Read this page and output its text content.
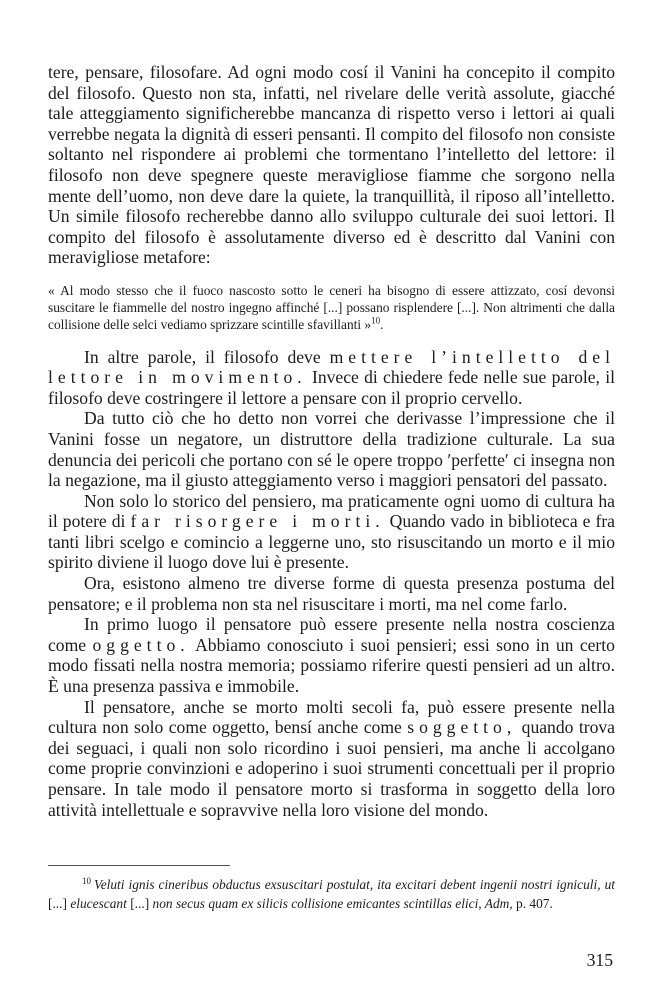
tere, pensare, filosofare. Ad ogni modo cosí il Vanini ha concepito il compito del filosofo. Questo non sta, infatti, nel rivelare delle verità assolute, giacché tale atteggiamento significherebbe mancanza di rispetto verso i lettori ai quali verrebbe negata la dignità di esseri pensanti. Il compito del filosofo non consiste soltanto nel rispondere ai problemi che tormentano l’intelletto del lettore: il filosofo non deve spegnere queste meravigliose fiamme che sorgono nella mente dell’uomo, non deve dare la quiete, la tranquillità, il riposo all’intelletto. Un simile filosofo recherebbe danno allo sviluppo culturale dei suoi lettori. Il compito del filosofo è assolutamente diverso ed è descritto dal Vanini con meravigliose metafore:

« Al modo stesso che il fuoco nascosto sotto le ceneri ha bisogno di essere attizzato, cosí devonsi suscitare le fiammelle del nostro ingegno affinché [...] possano risplendere [...]. Non altrimenti che dalla collisione delle selci vediamo sprizzare scintille sfavillanti »$^{10}$.

In altre parole, il filosofo deve mettere l’intelletto del lettore in movimento. Invece di chiedere fede nelle sue parole, il filosofo deve costringere il lettore a pensare con il proprio cervello.

Da tutto ciò che ho detto non vorrei che derivasse l’impressione che il Vanini fosse un negatore, un distruttore della tradizione culturale. La sua denuncia dei pericoli che portano con sé le opere troppo ʹperfetteʹ ci insegna non la negazione, ma il giusto atteggiamento verso i maggiori pensatori del passato.

Non solo lo storico del pensiero, ma praticamente ogni uomo di cultura ha il potere di far risorgere i morti. Quando vado in biblioteca e fra tanti libri scelgo e comincio a leggerne uno, sto risuscitando un morto e il mio spirito diviene il luogo dove lui è presente.

Ora, esistono almeno tre diverse forme di questa presenza postuma del pensatore; e il problema non sta nel risuscitare i morti, ma nel come farlo.

In primo luogo il pensatore può essere presente nella nostra coscienza come oggetto. Abbiamo conosciuto i suoi pensieri; essi sono in un certo modo fissati nella nostra memoria; possiamo riferire questi pensieri ad un altro. È una presenza passiva e immobile.

Il pensatore, anche se morto molti secoli fa, può essere presente nella cultura non solo come oggetto, bensí anche come soggetto, quando trova dei seguaci, i quali non solo ricordino i suoi pensieri, ma anche li accolgano come proprie convinzioni e adoperino i suoi strumenti concettuali per il proprio pensare. In tale modo il pensatore morto si trasforma in soggetto della loro attività intellettuale e sopravvive nella loro visione del mondo.

$^{10}$ Veluti ignis cineribus obductus exsuscitari postulat, ita excitari debent ingenii nostri igniculi, ut [...] elucescant [...] non secus quam ex silicis collisione emicantes scintillas elici, Adm, p. 407.

315
